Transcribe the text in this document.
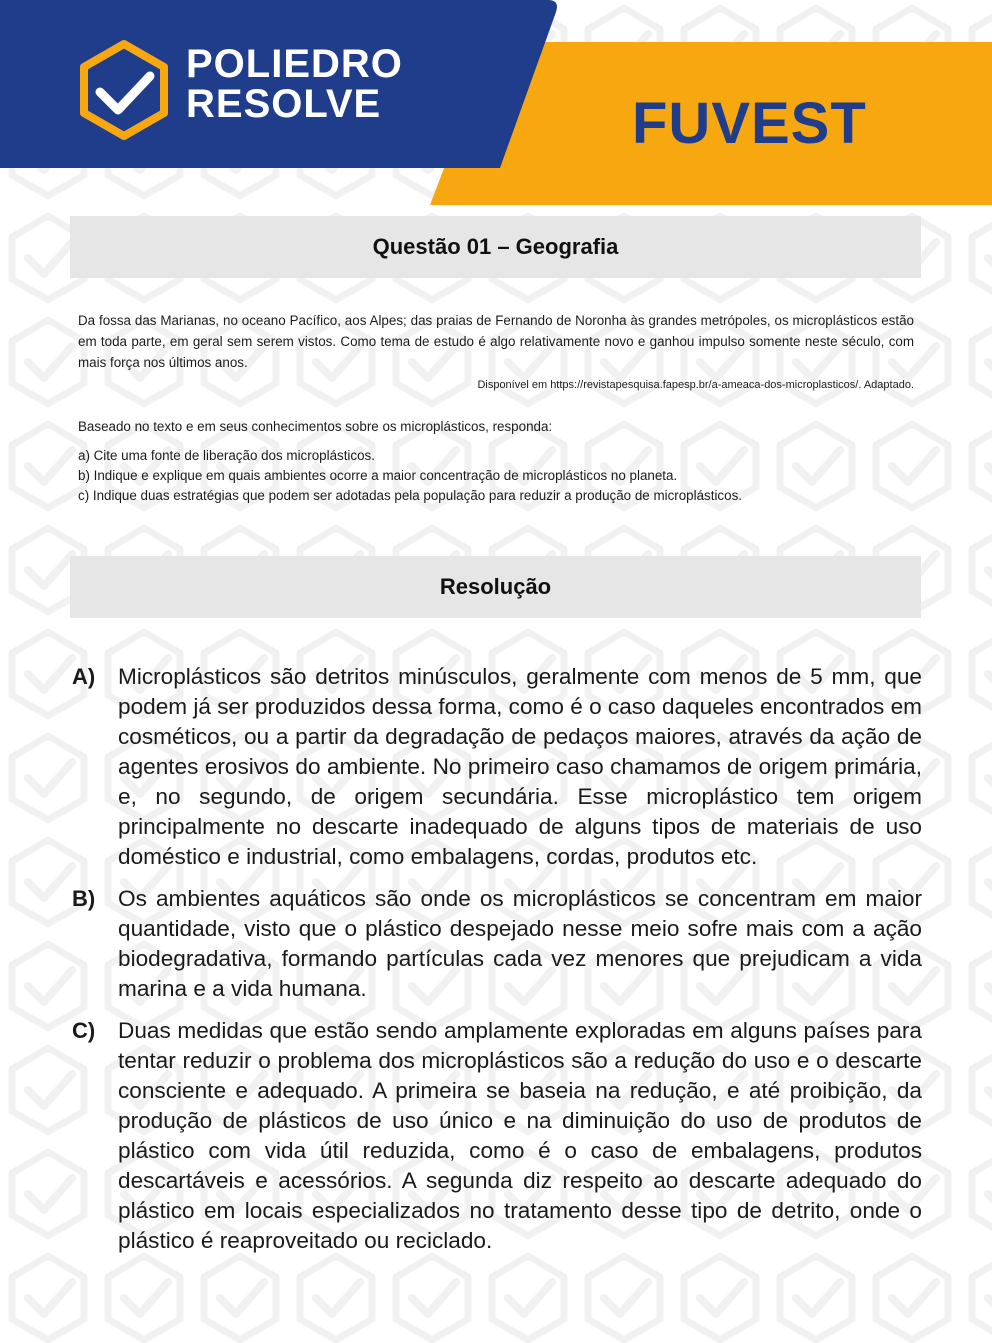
POLIEDRO
RESOLVE	FUVEST
Questão 01 – Geografia
Da fossa das Marianas, no oceano Pacífico, aos Alpes; das praias de Fernando de Noronha às grandes metrópoles, os microplásticos estão em toda parte, em geral sem serem vistos. Como tema de estudo é algo relativamente novo e ganhou impulso somente neste século, com mais força nos últimos anos.
Disponível em https://revistapesquisa.fapesp.br/a-ameaca-dos-microplasticos/. Adaptado.
Baseado no texto e em seus conhecimentos sobre os microplásticos, responda:
a) Cite uma fonte de liberação dos microplásticos.
b) Indique e explique em quais ambientes ocorre a maior concentração de microplásticos no planeta.
c) Indique duas estratégias que podem ser adotadas pela população para reduzir a produção de microplásticos.
Resolução
A)	Microplásticos são detritos minúsculos, geralmente com menos de 5 mm, que podem já ser produzidos dessa forma, como é o caso daqueles encontrados em cosméticos, ou a partir da degradação de pedaços maiores, através da ação de agentes erosivos do ambiente. No primeiro caso chamamos de origem primária, e, no segundo, de origem secundária. Esse microplástico tem origem principalmente no descarte inadequado de alguns tipos de materiais de uso doméstico e industrial, como embalagens, cordas, produtos etc.
B)	Os ambientes aquáticos são onde os microplásticos se concentram em maior quantidade, visto que o plástico despejado nesse meio sofre mais com a ação biodegradativa, formando partículas cada vez menores que prejudicam a vida marina e a vida humana.
C)	Duas medidas que estão sendo amplamente exploradas em alguns países para tentar reduzir o problema dos microplásticos são a redução do uso e o descarte consciente e adequado. A primeira se baseia na redução, e até proibição, da produção de plásticos de uso único e na diminuição do uso de produtos de plástico com vida útil reduzida, como é o caso de embalagens, produtos descartáveis e acessórios. A segunda diz respeito ao descarte adequado do plástico em locais especializados no tratamento desse tipo de detrito, onde o plástico é reaproveitado ou reciclado.
